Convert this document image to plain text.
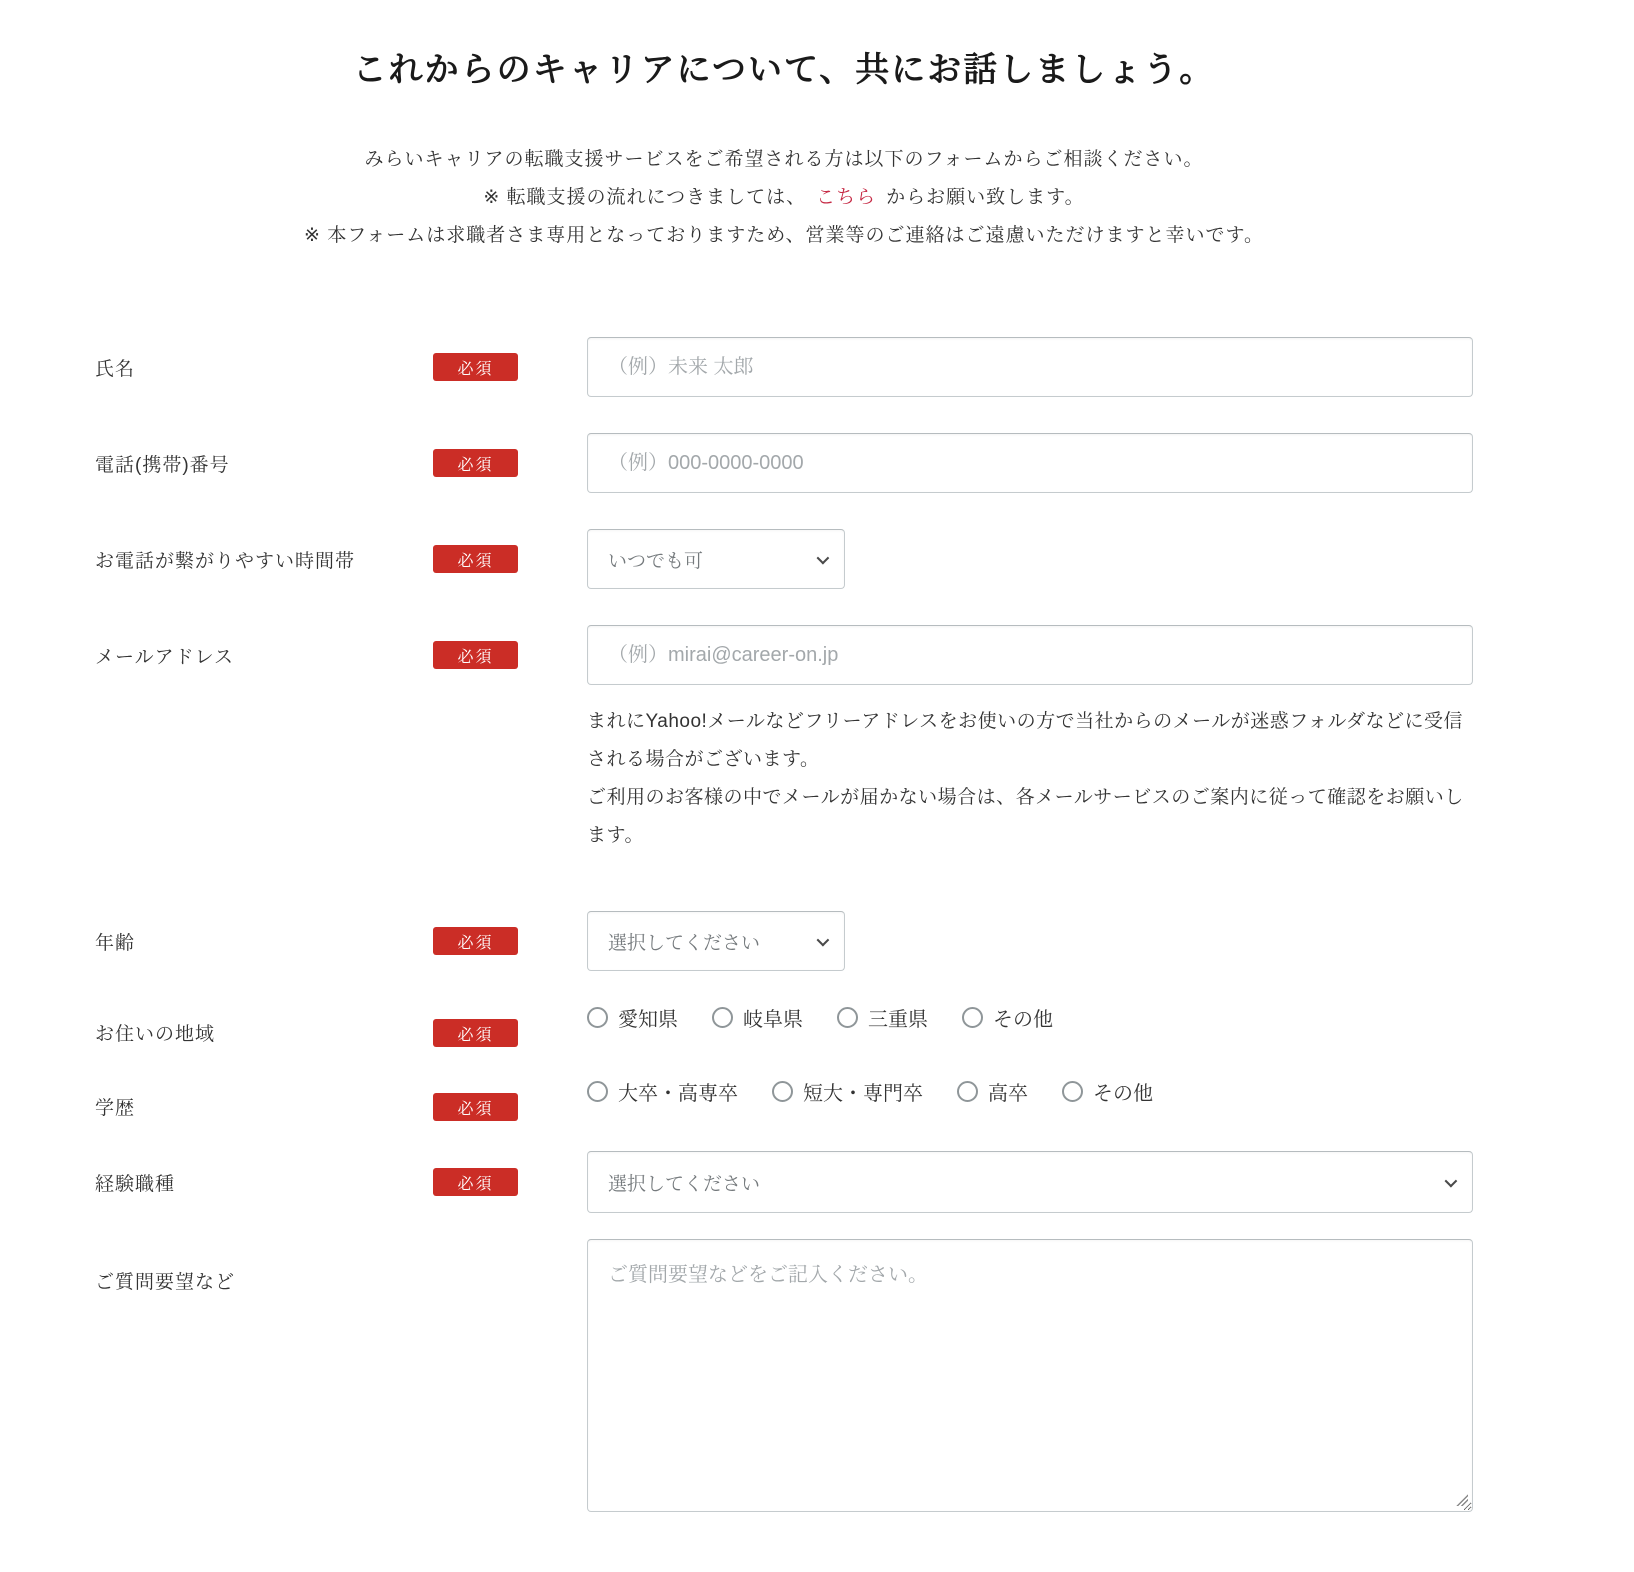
これからのキャリアについて、共にお話しましょう。
みらいキャリアの転職支援サービスをご希望される方は以下のフォームからご相談ください。
※ 転職支援の流れにつきましては、 こちら からお願い致します。
※ 本フォームは求職者さま専用となっておりますため、営業等のご連絡はご遠慮いただけますと幸いです。
氏名	必須
（例）未来 太郎
電話(携帯)番号	必須
（例）000-0000-0000
お電話が繋がりやすい時間帯	必須	いつでも可
メールアドレス	必須
（例）mirai@career-on.jp

まれにYahoo!メールなどフリーアドレスをお使いの方で当社からのメールが迷惑フォルダなどに受信される場合がございます。

ご利用のお客様の中でメールが届かない場合は、各メールサービスのご案内に従って確認をお願いします。

年齢	必須	選択してください
お住いの地域	必須
愛知県	岐阜県	三重県	その他
学歴	必須
大卒・高専卒	短大・専門卒	高卒	その他
経験職種	必須	選択してください
ご質問要望など
ご質問要望などをご記入ください。
